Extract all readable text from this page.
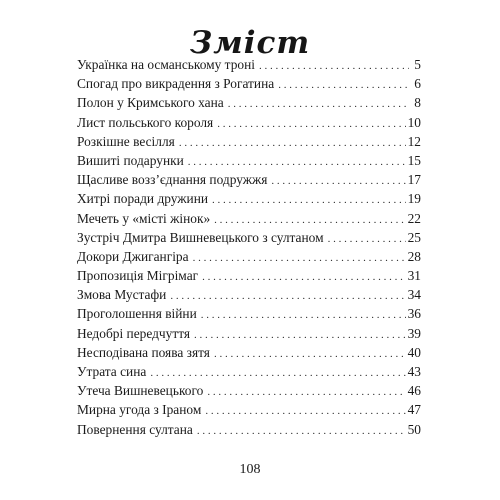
Зміст
Українка на османському троні . . .	5
Спогад про викрадення з Рогатина . . .	6
Полон у Кримського хана . . .	8
Лист польського короля . . .	10
Розкішне весілля . . .	12
Вишиті подарунки . . .	15
Щасливе возз’єднання подружжя . . .	17
Хитрі поради дружини . . .	19
Мечеть у «місті жінок» . . .	22
Зустріч Дмитра Вишневецького з султаном . . .	25
Докори Джигангіра . . .	28
Пропозиція Мігрімаг . . .	31
Змова Мустафи . . .	34
Проголошення війни . . .	36
Недобрі передчуття . . .	39
Несподівана поява зятя . . .	40
Утрата сина . . .	43
Утеча Вишневецького . . .	46
Мирна угода з Іраном . . .	47
Повернення султана . . .	50
108
